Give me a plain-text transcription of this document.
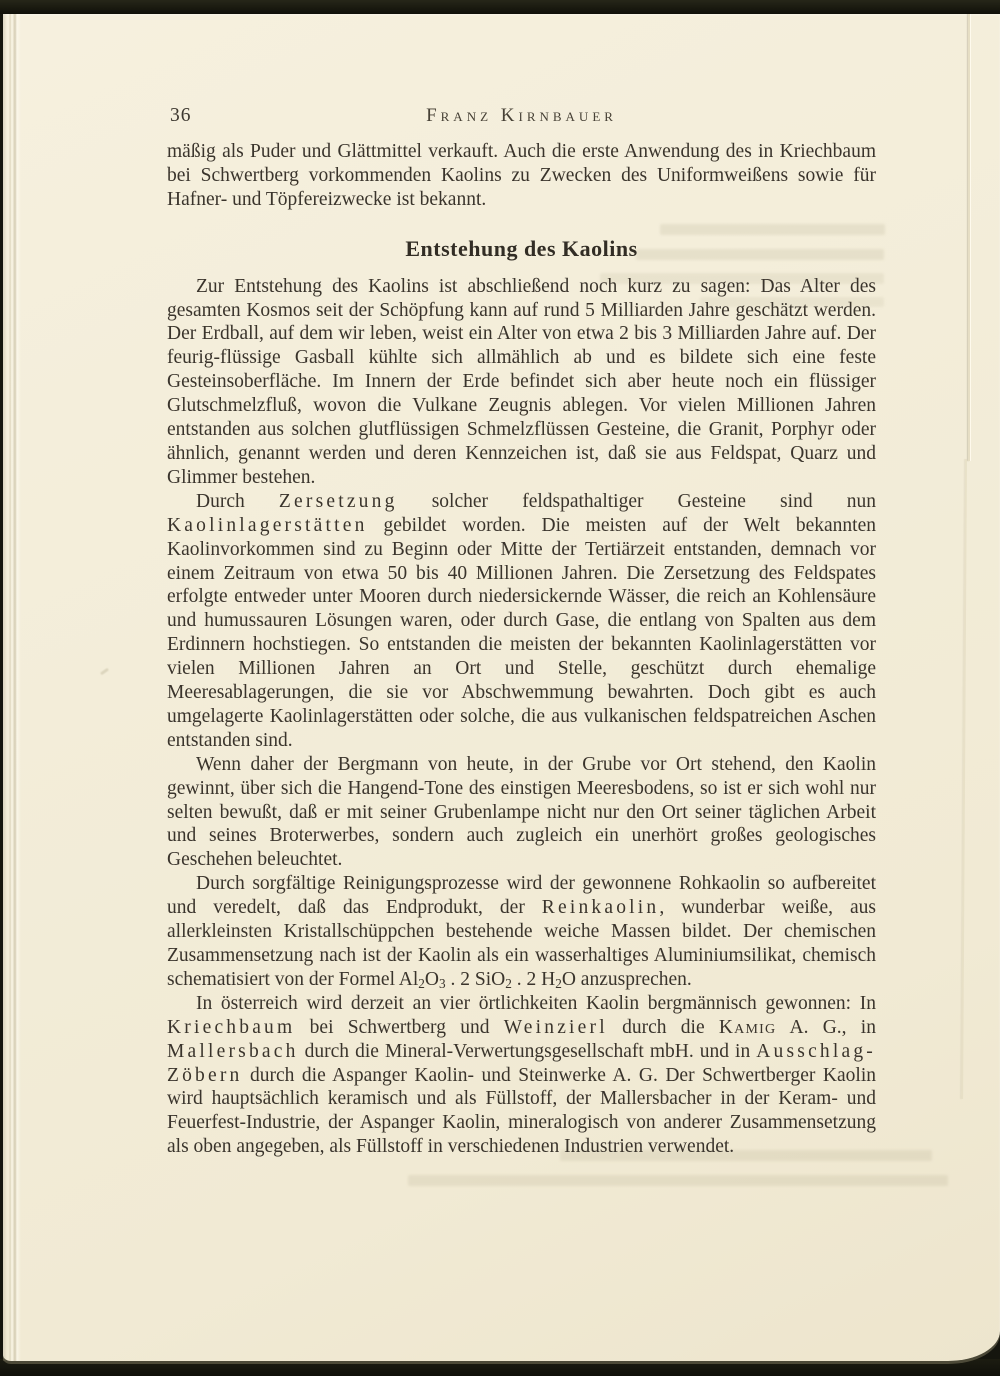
36	Franz Kirnbauer

mäßig als Puder und Glättmittel verkauft. Auch die erste Anwendung des in Kriechbaum bei Schwertberg vorkommenden Kaolins zu Zwecken des Uniformweißens sowie für Hafner- und Töpfereizwecke ist bekannt.

Entstehung des Kaolins

Zur Entstehung des Kaolins ist abschließend noch kurz zu sagen: Das Alter des gesamten Kosmos seit der Schöpfung kann auf rund 5 Milliarden Jahre geschätzt werden. Der Erdball, auf dem wir leben, weist ein Alter von etwa 2 bis 3 Milliarden Jahre auf. Der feurig-flüssige Gasball kühlte sich allmählich ab und es bildete sich eine feste Gesteinsoberfläche. Im Innern der Erde befindet sich aber heute noch ein flüssiger Glutschmelzfluß, wovon die Vulkane Zeugnis ablegen. Vor vielen Millionen Jahren entstanden aus solchen glutflüssigen Schmelzflüssen Gesteine, die Granit, Porphyr oder ähnlich, genannt werden und deren Kennzeichen ist, daß sie aus Feldspat, Quarz und Glimmer bestehen.

Durch Zersetzung solcher feldspathaltiger Gesteine sind nun Kaolinlagerstätten gebildet worden. Die meisten auf der Welt bekannten Kaolinvorkommen sind zu Beginn oder Mitte der Tertiärzeit entstanden, demnach vor einem Zeitraum von etwa 50 bis 40 Millionen Jahren. Die Zersetzung des Feldspates erfolgte entweder unter Mooren durch niedersickernde Wässer, die reich an Kohlensäure und humussauren Lösungen waren, oder durch Gase, die entlang von Spalten aus dem Erdinnern hochstiegen. So entstanden die meisten der bekannten Kaolinlagerstätten vor vielen Millionen Jahren an Ort und Stelle, geschützt durch ehemalige Meeresablagerungen, die sie vor Abschwemmung bewahrten. Doch gibt es auch umgelagerte Kaolinlagerstätten oder solche, die aus vulkanischen feldspatreichen Aschen entstanden sind.

Wenn daher der Bergmann von heute, in der Grube vor Ort stehend, den Kaolin gewinnt, über sich die Hangend-Tone des einstigen Meeresbodens, so ist er sich wohl nur selten bewußt, daß er mit seiner Grubenlampe nicht nur den Ort seiner täglichen Arbeit und seines Broterwerbes, sondern auch zugleich ein unerhört großes geologisches Geschehen beleuchtet.

Durch sorgfältige Reinigungsprozesse wird der gewonnene Rohkaolin so aufbereitet und veredelt, daß das Endprodukt, der Reinkaolin, wunderbar weiße, aus allerkleinsten Kristallschüppchen bestehende weiche Massen bildet. Der chemischen Zusammensetzung nach ist der Kaolin als ein wasserhaltiges Aluminiumsilikat, chemisch schematisiert von der Formel $Al_2O_3$ . 2 SiO$_2$ . 2 $H_2O$ anzusprechen.

In österreich wird derzeit an vier örtlichkeiten Kaolin bergmännisch gewonnen: In Kriechbaum bei Schwertberg und Weinzierl durch die Kamig A. G., in Mallersbach durch die Mineral-Verwertungsgesellschaft mbH. und in Ausschlag-Zöbern durch die Aspanger Kaolin- und Steinwerke A. G. Der Schwertberger Kaolin wird hauptsächlich keramisch und als Füllstoff, der Mallersbacher in der Keram- und Feuerfest-Industrie, der Aspanger Kaolin, mineralogisch von anderer Zusammensetzung als oben angegeben, als Füllstoff in verschiedenen Industrien verwendet.
